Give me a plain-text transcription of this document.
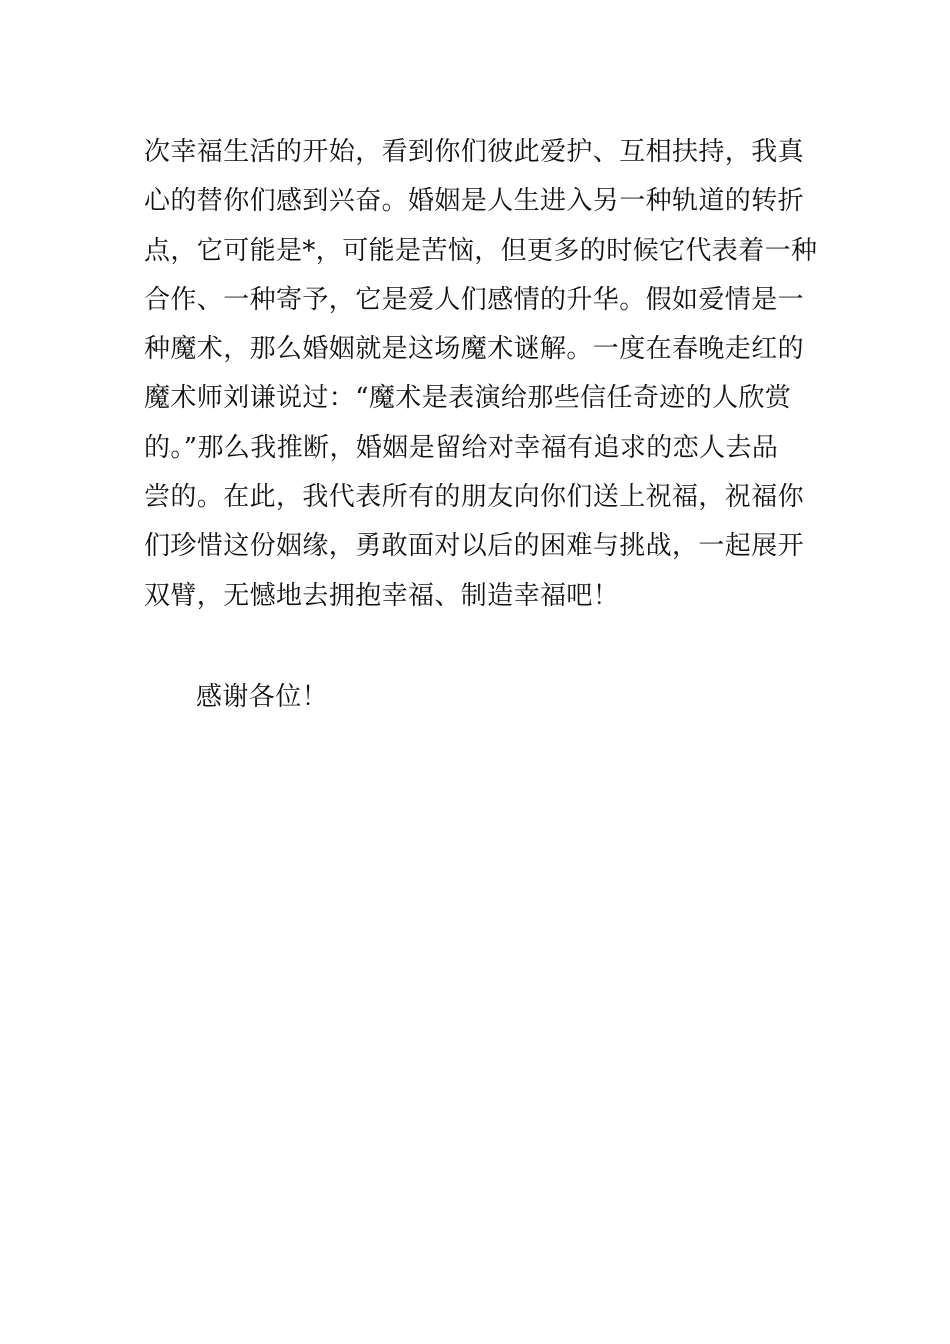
次幸福生活的开始，看到你们彼此爱护、互相扶持，我真
心的替你们感到兴奋。婚姻是人生进入另一种轨道的转折
点，它可能是*，可能是苦恼，但更多的时候它代表着一种
合作、一种寄予，它是爱人们感情的升华。假如爱情是一
种魔术，那么婚姻就是这场魔术谜解。一度在春晚走红的
魔术师刘谦说过：“魔术是表演给那些信任奇迹的人欣赏
的。”那么我推断，婚姻是留给对幸福有追求的恋人去品
尝的。在此，我代表所有的朋友向你们送上祝福，祝福你
们珍惜这份姻缘，勇敢面对以后的困难与挑战，一起展开
双臂，无憾地去拥抱幸福、制造幸福吧！
感谢各位！
